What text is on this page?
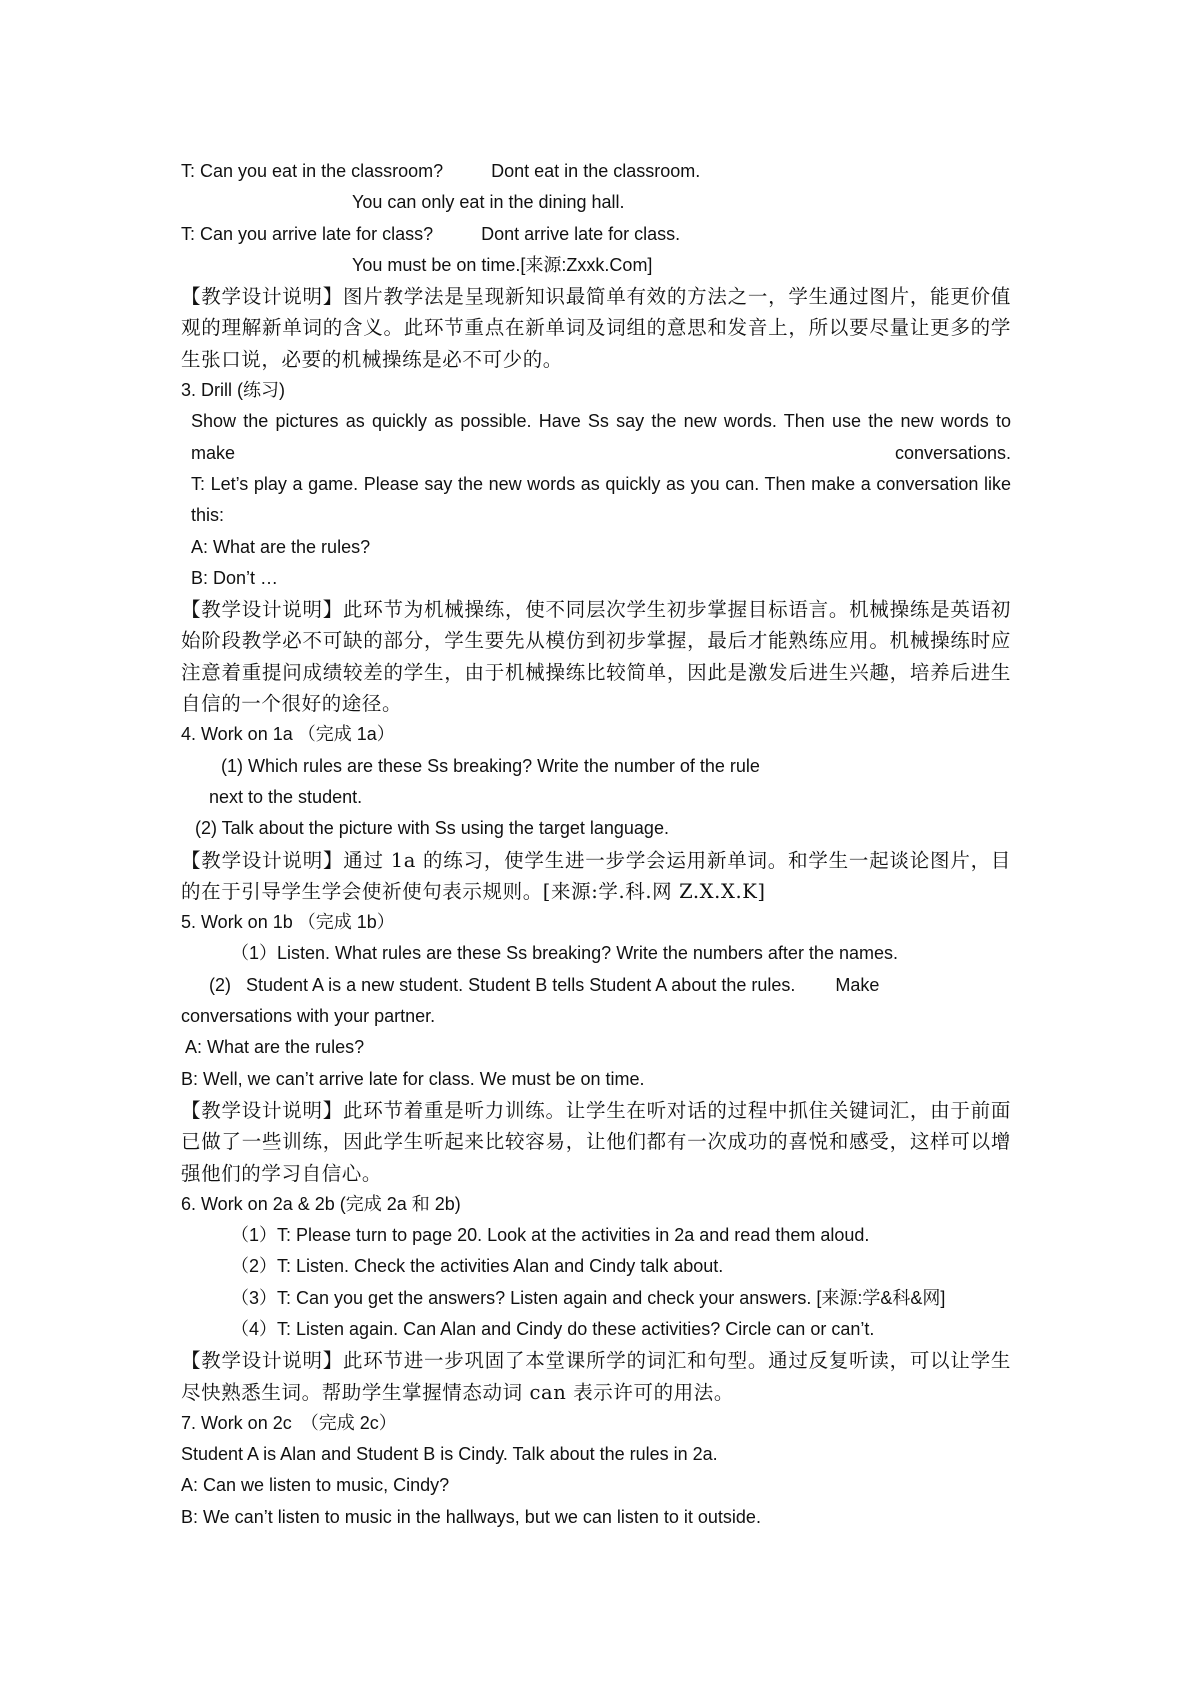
T: Can you eat in the classroom?	Dont eat in the classroom.
You can only eat in the dining hall.
T: Can you arrive late for class?	Dont arrive late for class.
You must be on time.[来源:Zxxk.Com]
【教学设计说明】图片教学法是呈现新知识最简单有效的方法之一，学生通过图片，能更价值观的理解新单词的含义。此环节重点在新单词及词组的意思和发音上，所以要尽量让更多的学生张口说，必要的机械操练是必不可少的。
3. Drill (练习)
Show the pictures as quickly as possible. Have Ss say the new words. Then use the new words to make conversations.
T: Let’s play a game. Please say the new words as quickly as you can. Then make a conversation like this:
A: What are the rules?
B: Don’t …
【教学设计说明】此环节为机械操练，使不同层次学生初步掌握目标语言。机械操练是英语初始阶段教学必不可缺的部分，学生要先从模仿到初步掌握，最后才能熟练应用。机械操练时应注意着重提问成绩较差的学生，由于机械操练比较简单，因此是激发后进生兴趣，培养后进生自信的一个很好的途径。
4. Work on 1a （完成 1a）
(1) Which rules are these Ss breaking? Write the number of the rule
next to the student.
(2) Talk about the picture with Ss using the target language.
【教学设计说明】通过 1a 的练习，使学生进一步学会运用新单词。和学生一起谈论图片，目的在于引导学生学会使祈使句表示规则。[来源:学.科.网 Z.X.X.K]
5. Work on 1b （完成 1b）
（1）Listen. What rules are these Ss breaking? Write the numbers after the names.
(2)   Student A is a new student. Student B tells Student A about the rules.        Make
conversations with your partner.
A: What are the rules?
B: Well, we can’t arrive late for class. We must be on time.
【教学设计说明】此环节着重是听力训练。让学生在听对话的过程中抓住关键词汇，由于前面已做了一些训练，因此学生听起来比较容易，让他们都有一次成功的喜悦和感受，这样可以增强他们的学习自信心。
6. Work on 2a & 2b (完成 2a 和 2b)
（1）T: Please turn to page 20. Look at the activities in 2a and read them aloud.
（2）T: Listen. Check the activities Alan and Cindy talk about.
（3）T: Can you get the answers? Listen again and check your answers. [来源:学&科&网]
（4）T: Listen again. Can Alan and Cindy do these activities? Circle can or can’t.
【教学设计说明】此环节进一步巩固了本堂课所学的词汇和句型。通过反复听读，可以让学生尽快熟悉生词。帮助学生掌握情态动词 can 表示许可的用法。
7. Work on 2c　（完成 2c）
Student A is Alan and Student B is Cindy. Talk about the rules in 2a.
A: Can we listen to music, Cindy?
B: We can’t listen to music in the hallways, but we can listen to it outside.
